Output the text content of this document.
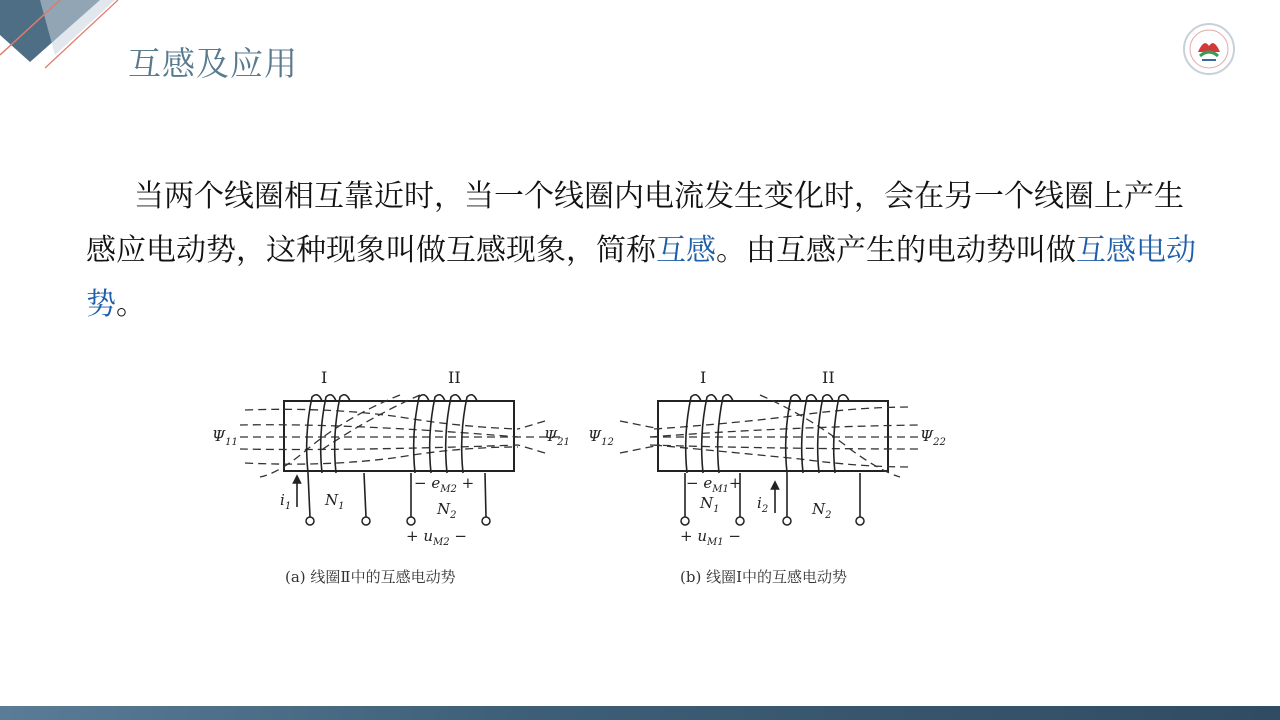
互感及应用
当两个线圈相互靠近时，当一个线圈内电流发生变化时，会在另一个线圈上产生感应电动势，这种现象叫做互感现象，简称互感。由互感产生的电动势叫做互感电动势。
I	II
$\Psi_{11}$	$\Psi_{21}$
$i_1$ $N_1$
− $e_{M2}$ +
$N_2$
+ $u_{M2}$ −
(a) 线圈Ⅱ中的互感电动势
I	II
$\Psi_{12}$	$\Psi_{22}$
− $e_{M1}+$
$N_1$	$i_2$	$N_2$
+ $u_{M1}$ −
(b) 线圈Ⅰ中的互感电动势
